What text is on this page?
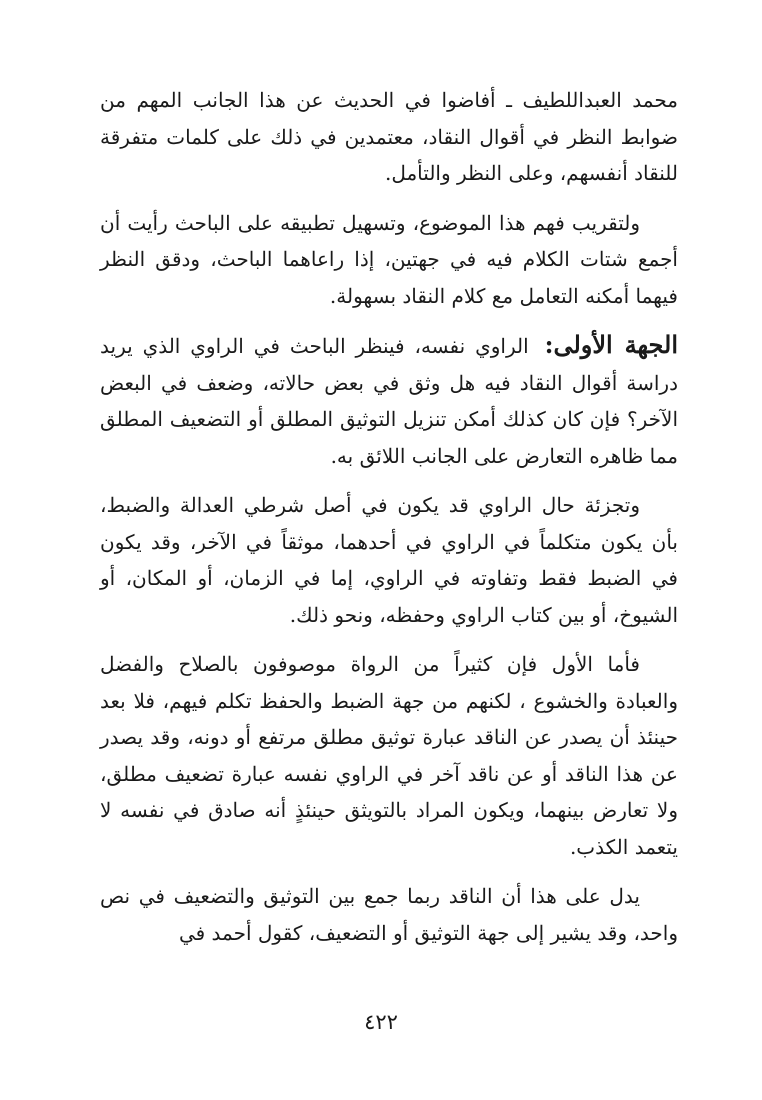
محمد العبداللطيف ـ أفاضوا في الحديث عن هذا الجانب المهم من ضوابط النظر في أقوال النقاد، معتمدين في ذلك على كلمات متفرقة للنقاد أنفسهم، وعلى النظر والتأمل.

ولتقريب فهم هذا الموضوع، وتسهيل تطبيقه على الباحث رأيت أن أجمع شتات الكلام فيه في جهتين، إذا راعاهما الباحث، ودقق النظر فيهما أمكنه التعامل مع كلام النقاد بسهولة.

الجهة الأولى: الراوي نفسه، فينظر الباحث في الراوي الذي يريد دراسة أقوال النقاد فيه هل وثق في بعض حالاته، وضعف في البعض الآخر؟ فإن كان كذلك أمكن تنزيل التوثيق المطلق أو التضعيف المطلق مما ظاهره التعارض على الجانب اللائق به.

وتجزئة حال الراوي قد يكون في أصل شرطي العدالة والضبط، بأن يكون متكلماً في الراوي في أحدهما، موثقاً في الآخر، وقد يكون في الضبط فقط وتفاوته في الراوي، إما في الزمان، أو المكان، أو الشيوخ، أو بين كتاب الراوي وحفظه، ونحو ذلك.

فأما الأول فإن كثيراً من الرواة موصوفون بالصلاح والفضل والعبادة والخشوع ، لكنهم من جهة الضبط والحفظ تكلم فيهم، فلا بعد حينئذ أن يصدر عن الناقد عبارة توثيق مطلق مرتفع أو دونه، وقد يصدر عن هذا الناقد أو عن ناقد آخر في الراوي نفسه عبارة تضعيف مطلق، ولا تعارض بينهما، ويكون المراد بالتويثق حينئذٍ أنه صادق في نفسه لا يتعمد الكذب.

يدل على هذا أن الناقد ربما جمع بين التوثيق والتضعيف في نص واحد، وقد يشير إلى جهة التوثيق أو التضعيف، كقول أحمد في

٤٢٢
